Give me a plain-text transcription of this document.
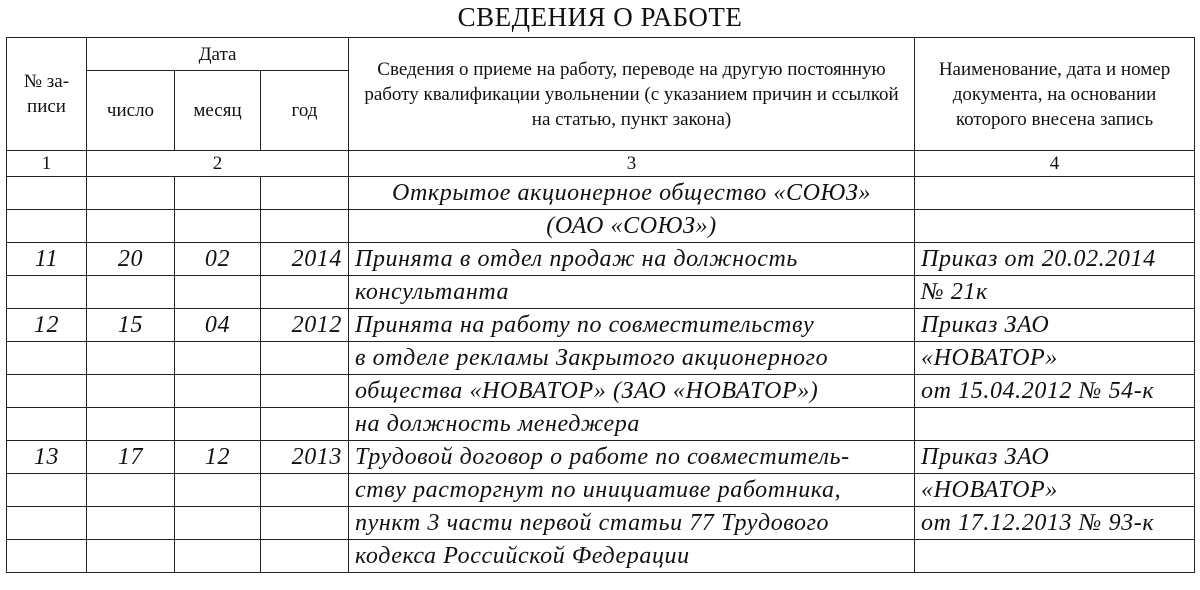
СВЕДЕНИЯ О РАБОТЕ
№ за-писи	Дата			Сведения о приеме на работу, переводе на другую постоянную работу квалификации увольнении (с указанием причин и ссылкой на статью, пункт закона)	Наименование, дата и номер документа, на основании которого внесена запись
	число	месяц	год		
1	2			3	4
				Открытое акционерное общество «СОЮЗ»	
				(ОАО «СОЮЗ»)	
11	20	02	2014	Принята в отдел продаж на должность	Приказ от 20.02.2014
				консультанта	№ 21к
12	15	04	2012	Принята на работу по совместительству	Приказ ЗАО
				в отделе рекламы Закрытого акционерного	«НОВАТОР»
				общества «НОВАТОР» (ЗАО «НОВАТОР»)	от 15.04.2012 № 54-к
				на должность менеджера	
13	17	12	2013	Трудовой договор о работе по совместитель-	Приказ ЗАО
				ству расторгнут по инициативе работника,	«НОВАТОР»
				пункт 3 части первой статьи 77 Трудового	от 17.12.2013 № 93-к
				кодекса Российской Федерации	
